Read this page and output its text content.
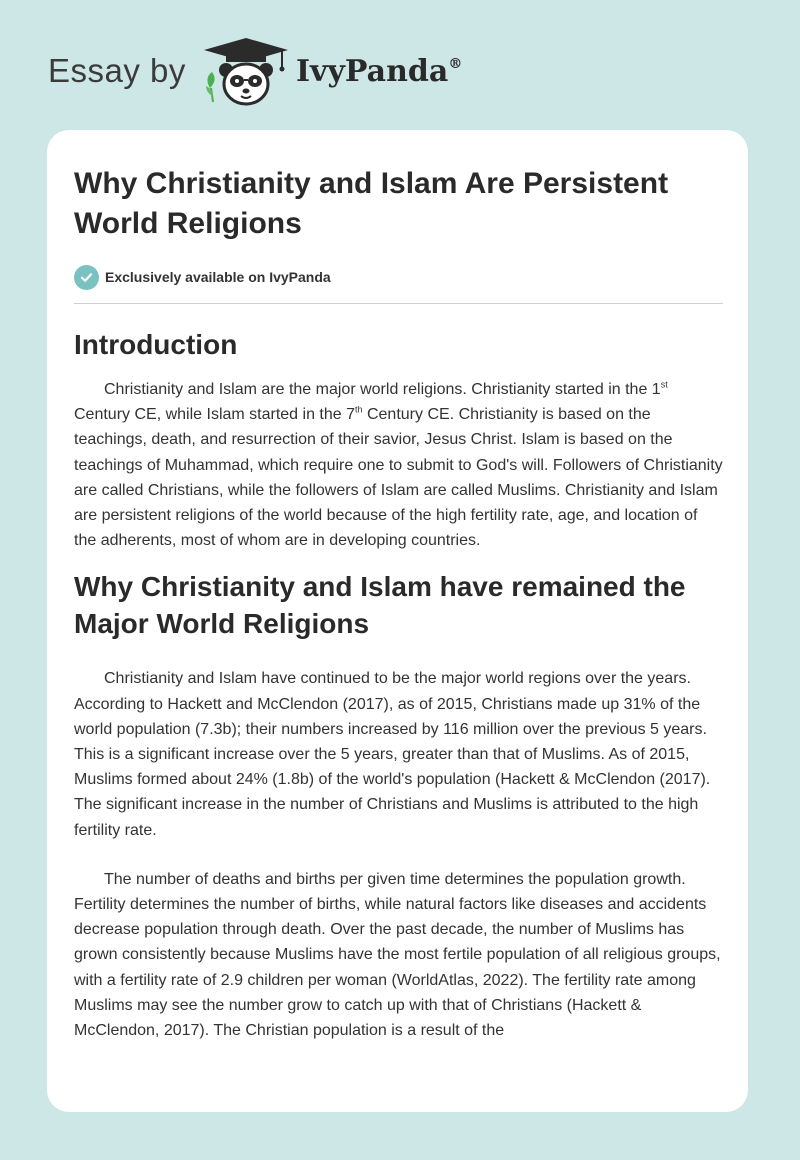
Essay by	IvyPanda®
Why Christianity and Islam Are Persistent World Religions
Exclusively available on IvyPanda
Introduction

Christianity and Islam are the major world religions. Christianity started in the 1st Century CE, while Islam started in the 7th Century CE. Christianity is based on the teachings, death, and resurrection of their savior, Jesus Christ. Islam is based on the teachings of Muhammad, which require one to submit to God's will. Followers of Christianity are called Christians, while the followers of Islam are called Muslims. Christianity and Islam are persistent religions of the world because of the high fertility rate, age, and location of the adherents, most of whom are in developing countries.

Why Christianity and Islam have remained the Major World Religions

Christianity and Islam have continued to be the major world regions over the years. According to Hackett and McClendon (2017), as of 2015, Christians made up 31% of the world population (7.3b); their numbers increased by 116 million over the previous 5 years. This is a significant increase over the 5 years, greater than that of Muslims. As of 2015, Muslims formed about 24% (1.8b) of the world's population (Hackett & McClendon (2017). The significant increase in the number of Christians and Muslims is attributed to the high fertility rate.

The number of deaths and births per given time determines the population growth. Fertility determines the number of births, while natural factors like diseases and accidents decrease population through death. Over the past decade, the number of Muslims has grown consistently because Muslims have the most fertile population of all religious groups, with a fertility rate of 2.9 children per woman (WorldAtlas, 2022). The fertility rate among Muslims may see the number grow to catch up with that of Christians (Hackett & McClendon, 2017). The Christian population is a result of the
